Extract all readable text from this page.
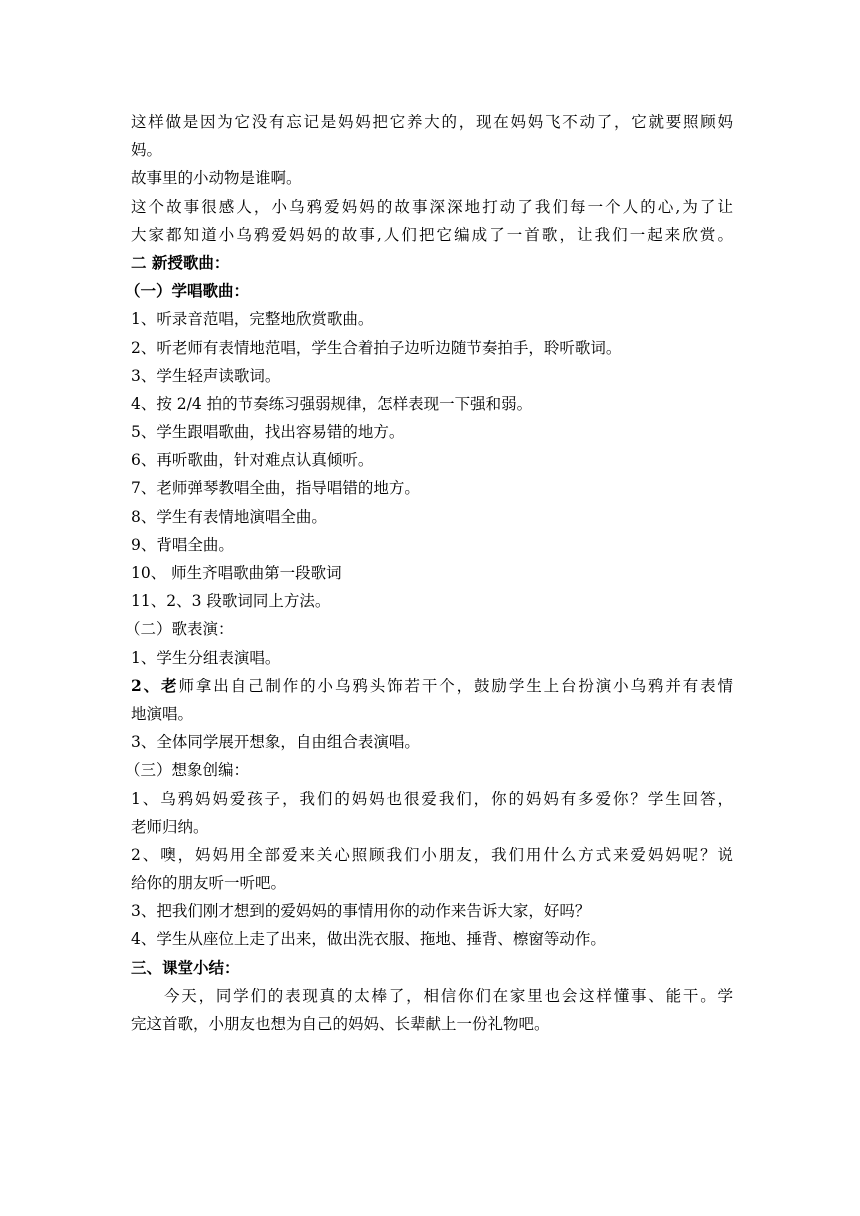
这样做是因为它没有忘记是妈妈把它养大的，现在妈妈飞不动了，它就要照顾妈
妈。
故事里的小动物是谁啊。
这个故事很感人，小乌鸦爱妈妈的故事深深地打动了我们每一个人的心,为了让
大家都知道小乌鸦爱妈妈的故事,人们把它编成了一首歌，让我们一起来欣赏。
二 新授歌曲：
（一）学唱歌曲：
1、听录音范唱，完整地欣赏歌曲。
2、听老师有表情地范唱，学生合着拍子边听边随节奏拍手，聆听歌词。
3、学生轻声读歌词。
4、按 2/4 拍的节奏练习强弱规律，怎样表现一下强和弱。
5、学生跟唱歌曲，找出容易错的地方。
6、再听歌曲，针对难点认真倾听。
7、老师弹琴教唱全曲，指导唱错的地方。
8、学生有表情地演唱全曲。
9、背唱全曲。
10、 师生齐唱歌曲第一段歌词
11、2、3 段歌词同上方法。
（二）歌表演：
1、学生分组表演唱。
2、老师拿出自己制作的小乌鸦头饰若干个，鼓励学生上台扮演小乌鸦并有表情
地演唱。
3、全体同学展开想象，自由组合表演唱。
（三）想象创编：
1、乌鸦妈妈爱孩子，我们的妈妈也很爱我们，你的妈妈有多爱你？学生回答，
老师归纳。
2、噢，妈妈用全部爱来关心照顾我们小朋友，我们用什么方式来爱妈妈呢？说
给你的朋友听一听吧。
3、把我们刚才想到的爱妈妈的事情用你的动作来告诉大家，好吗？
4、学生从座位上走了出来，做出洗衣服、拖地、捶背、檫窗等动作。
三、课堂小结：
今天，同学们的表现真的太棒了，相信你们在家里也会这样懂事、能干。学
完这首歌，小朋友也想为自己的妈妈、长辈献上一份礼物吧。
